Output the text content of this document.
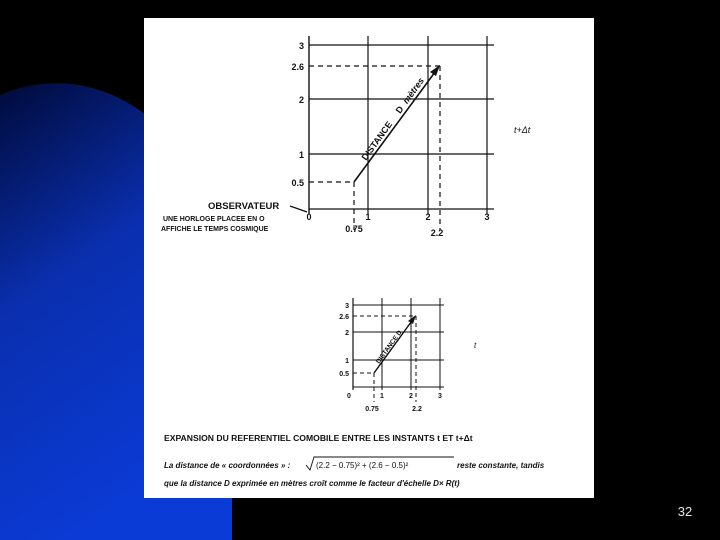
3
2.6
2
1
0.5
0	1	2	3
0.75	2.2
DISTANCE
D
mètres
t+Δt
OBSERVATEUR
UNE HORLOGE PLACEE EN O
AFFICHE LE TEMPS COSMIQUE
3
2.6
2
1
0.5
0	1	2	3
0.75	2.2
DISTANCE D	t
EXPANSION DU REFERENTIEL COMOBILE ENTRE LES INSTANTS t ET t+Δt
La distance de « coordonnées » :	(2.2 − 0.75)² + (2.6 − 0.5)²	reste constante, tandis
que la distance D exprimée en mètres croît comme le facteur d'échelle D× R(t)
32
